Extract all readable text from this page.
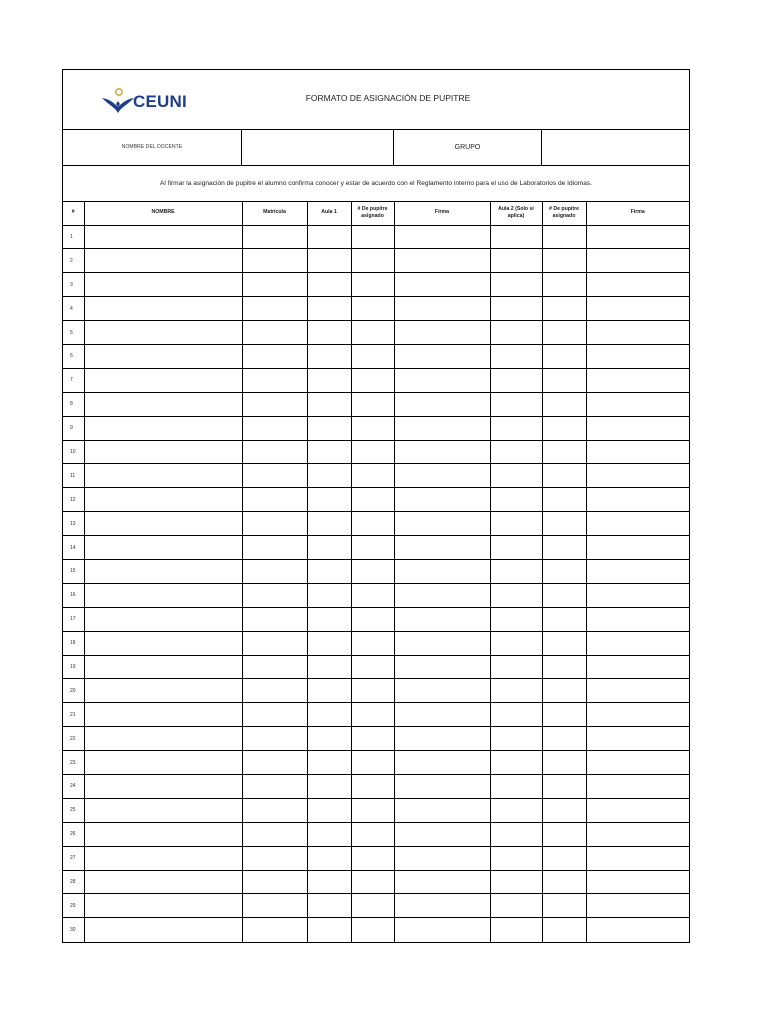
CEUNI	FORMATO DE ASIGNACIÓN DE PUPITRE
NOMBRE DEL DOCENTE	GRUPO
Al firmar la asignación de pupitre el alumno confirma conocer y estar de acuerdo con el Reglamento interno para el uso de Laboratorios de Idiomas.
#	NOMBRE	Matrícula	Aula 1	# De pupitre asignado	Firma	Aula 2 (Solo si aplica)	# De pupitre asignado	Firma
1								
2								
3								
4								
5								
6								
7								
8								
9								
10								
11								
12								
13								
14								
15								
16								
17								
18								
19								
20								
21								
22								
23								
24								
25								
26								
27								
28								
29								
30								
